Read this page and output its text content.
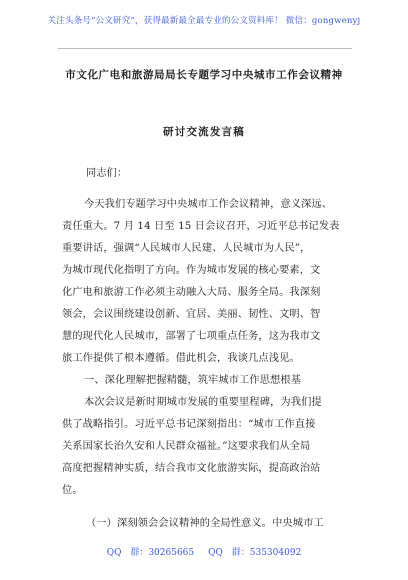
关注头条号“公文研究”，获得最新最全最专业的公文资料库！ 微信：gongwenyj
市文化广电和旅游局局长专题学习中央城市工作会议精神
研讨交流发言稿
同志们：
今天我们专题学习中央城市工作会议精神，意义深远、
责任重大。7 月 14 日至 15 日会议召开，习近平总书记发表
重要讲话，强调“人民城市人民建、人民城市为人民”，
为城市现代化指明了方向。作为城市发展的核心要素，文
化广电和旅游工作必须主动融入大局、服务全局。我深刻
领会，会议围绕建设创新、宜居、美丽、韧性、文明、智
慧的现代化人民城市，部署了七项重点任务，这为我市文
旅工作提供了根本遵循。借此机会，我谈几点浅见。
一、深化理解把握精髓，筑牢城市工作思想根基
本次会议是新时期城市发展的重要里程碑，为我们提
供了战略指引。习近平总书记深刻指出：“城市工作直接
关系国家长治久安和人民群众福祉。”这要求我们从全局
高度把握精神实质，结合我市文化旅游实际，提高政治站
位。
（一）深刻领会会议精神的全局性意义。中央城市工
QQ 群：30265665 QQ 群：535304092
